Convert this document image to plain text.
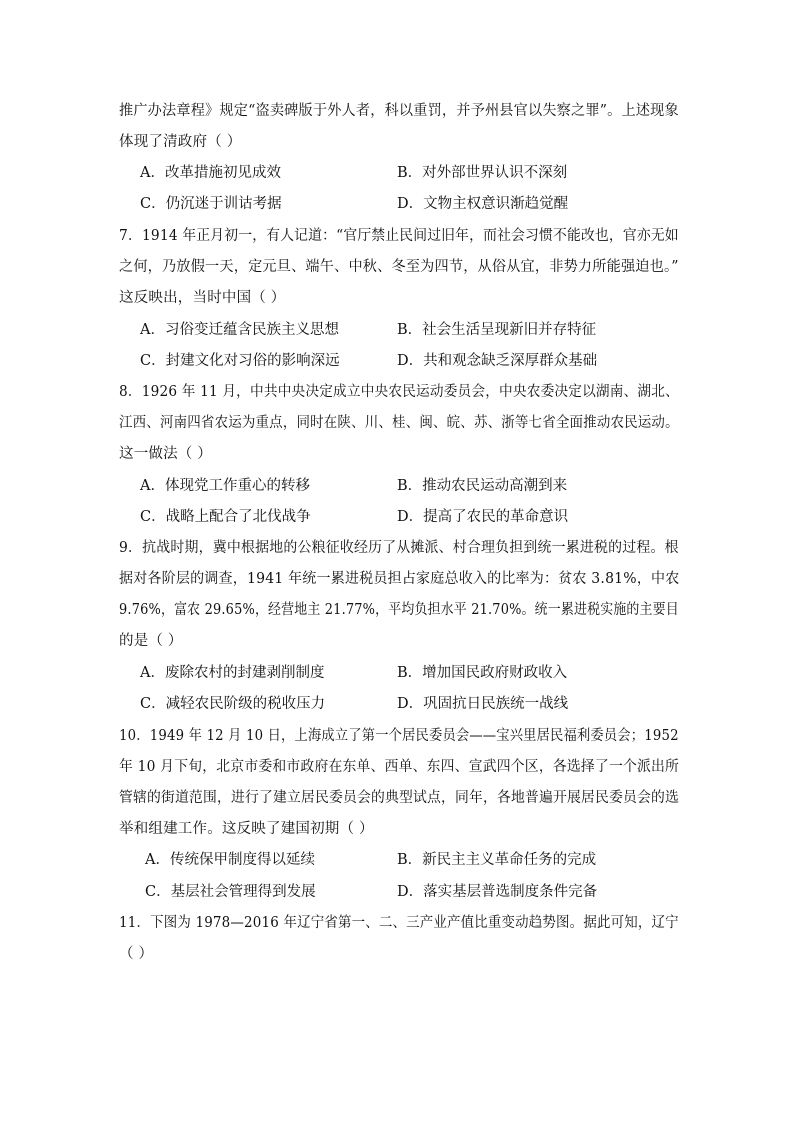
推广办法章程》规定“盗卖碑版于外人者，科以重罚，并予州县官以失察之罪”。上述现象
体现了清政府（ ）
A．改革措施初见成效	B．对外部世界认识不深刻
C．仍沉迷于训诂考据	D．文物主权意识渐趋觉醒
7．1914 年正月初一，有人记道：“官厅禁止民间过旧年，而社会习惯不能改也，官亦无如
之何，乃放假一天，定元旦、端午、中秋、冬至为四节，从俗从宜，非势力所能强迫也。”
这反映出，当时中国（ ）
A．习俗变迁蕴含民族主义思想	B．社会生活呈现新旧并存特征
C．封建文化对习俗的影响深远	D．共和观念缺乏深厚群众基础
8．1926 年 11 月，中共中央决定成立中央农民运动委员会，中央农委决定以湖南、湖北、
江西、河南四省农运为重点，同时在陕、川、桂、闽、皖、苏、浙等七省全面推动农民运动。
这一做法（ ）
A．体现党工作重心的转移	B．推动农民运动高潮到来
C．战略上配合了北伐战争	D．提高了农民的革命意识
9．抗战时期，冀中根据地的公粮征收经历了从摊派、村合理负担到统一累进税的过程。根
据对各阶层的调查，1941 年统一累进税员担占家庭总收入的比率为：贫农 3.81%，中农
9.76%，富农 29.65%，经营地主 21.77%，平均负担水平 21.70%。统一累进税实施的主要目
的是（ ）
A．废除农村的封建剥削制度	B．增加国民政府财政收入
C．减轻农民阶级的税收压力	D．巩固抗日民族统一战线
10．1949 年 12 月 10 日，上海成立了第一个居民委员会——宝兴里居民福利委员会；1952
年 10 月下旬，北京市委和市政府在东单、西单、东四、宣武四个区，各选择了一个派出所
管辖的街道范围，进行了建立居民委员会的典型试点，同年，各地普遍开展居民委员会的选
举和组建工作。这反映了建国初期（ ）
A．传统保甲制度得以延续	B．新民主主义革命任务的完成
C．基层社会管理得到发展	D．落实基层普选制度条件完备
11．下图为 1978—2016 年辽宁省第一、二、三产业产值比重变动趋势图。据此可知，辽宁
（ ）
